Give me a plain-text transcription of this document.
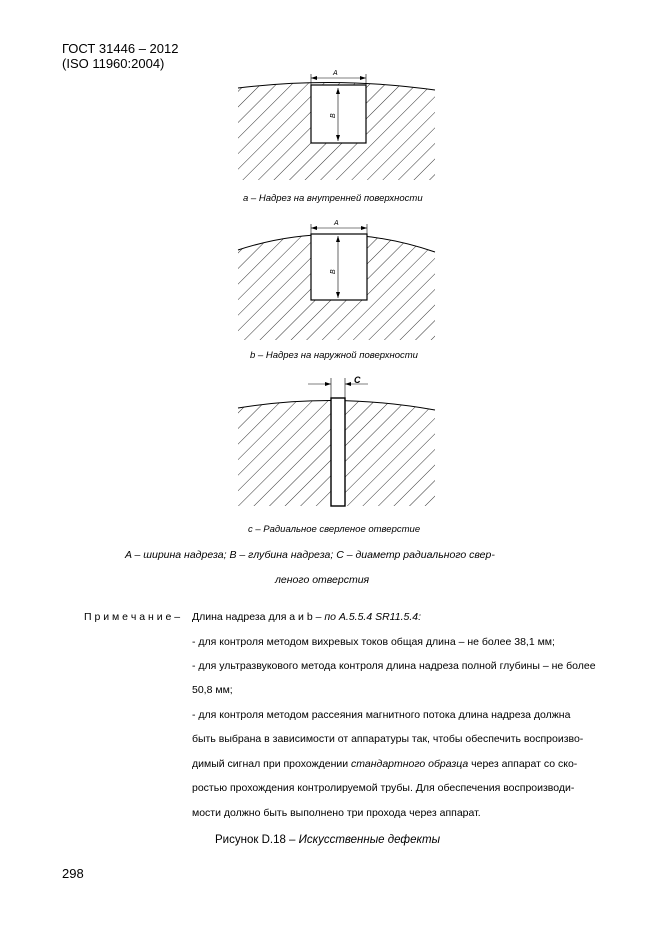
ГОСТ 31446 – 2012
(ISO 11960:2004)
A
B
a – Надрез на внутренней поверхности
A
B
b – Надрез на наружной поверхности
C
c – Радиальное сверленое отверстие
A – ширина надреза; B – глубина надреза; C – диаметр радиального свер-
леного отверстия
П р и м е ч а н и е – Длина надреза для a и b – по А.5.5.4 SR11.5.4:
- для контроля методом вихревых токов общая длина – не более 38,1 мм;
- для ультразвукового метода контроля длина надреза полной глубины – не более
50,8 мм;
- для контроля методом рассеяния магнитного потока длина надреза должна
быть выбрана в зависимости от аппаратуры так, чтобы обеспечить воспроизво-
димый сигнал при прохождении стандартного образца через аппарат со ско-
ростью прохождения контролируемой трубы. Для обеспечения воспроизводи-
мости должно быть выполнено три прохода через аппарат.
Рисунок D.18 – Искусственные дефекты
298
